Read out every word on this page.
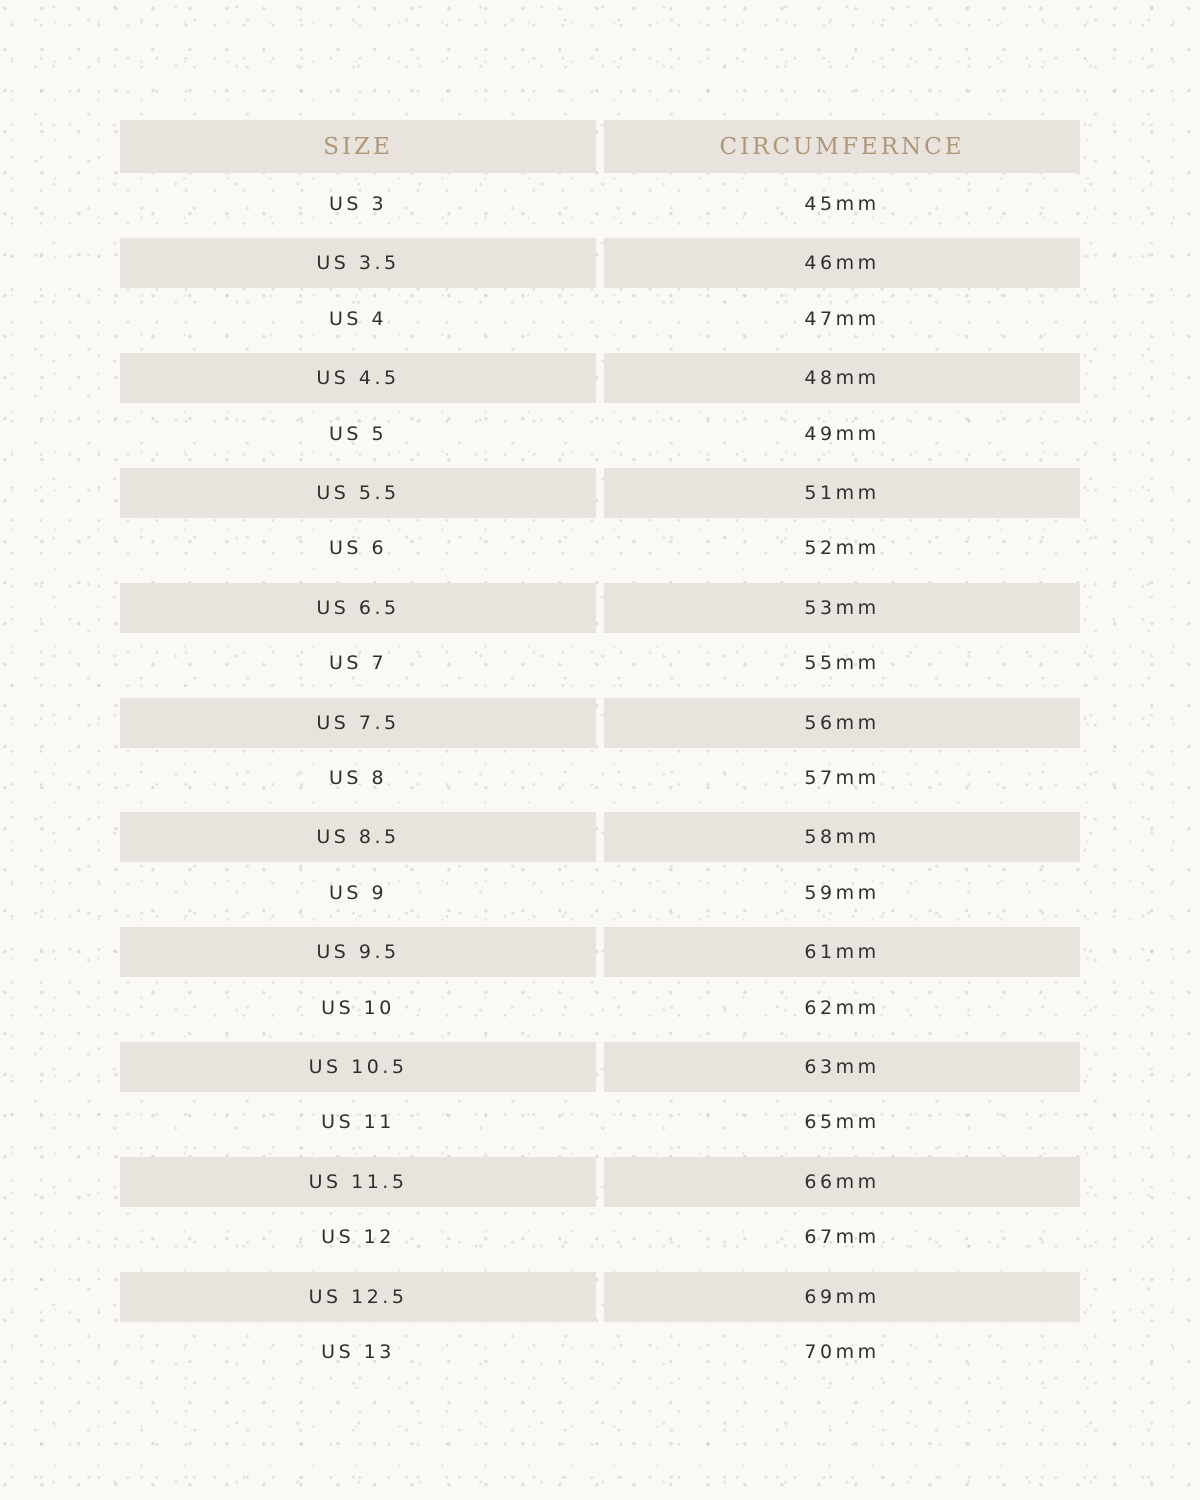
SIZE	CIRCUMFERNCE
US 3	45mm
US 3.5	46mm
US 4	47mm
US 4.5	48mm
US 5	49mm
US 5.5	51mm
US 6	52mm
US 6.5	53mm
US 7	55mm
US 7.5	56mm
US 8	57mm
US 8.5	58mm
US 9	59mm
US 9.5	61mm
US 10	62mm
US 10.5	63mm
US 11	65mm
US 11.5	66mm
US 12	67mm
US 12.5	69mm
US 13	70mm
